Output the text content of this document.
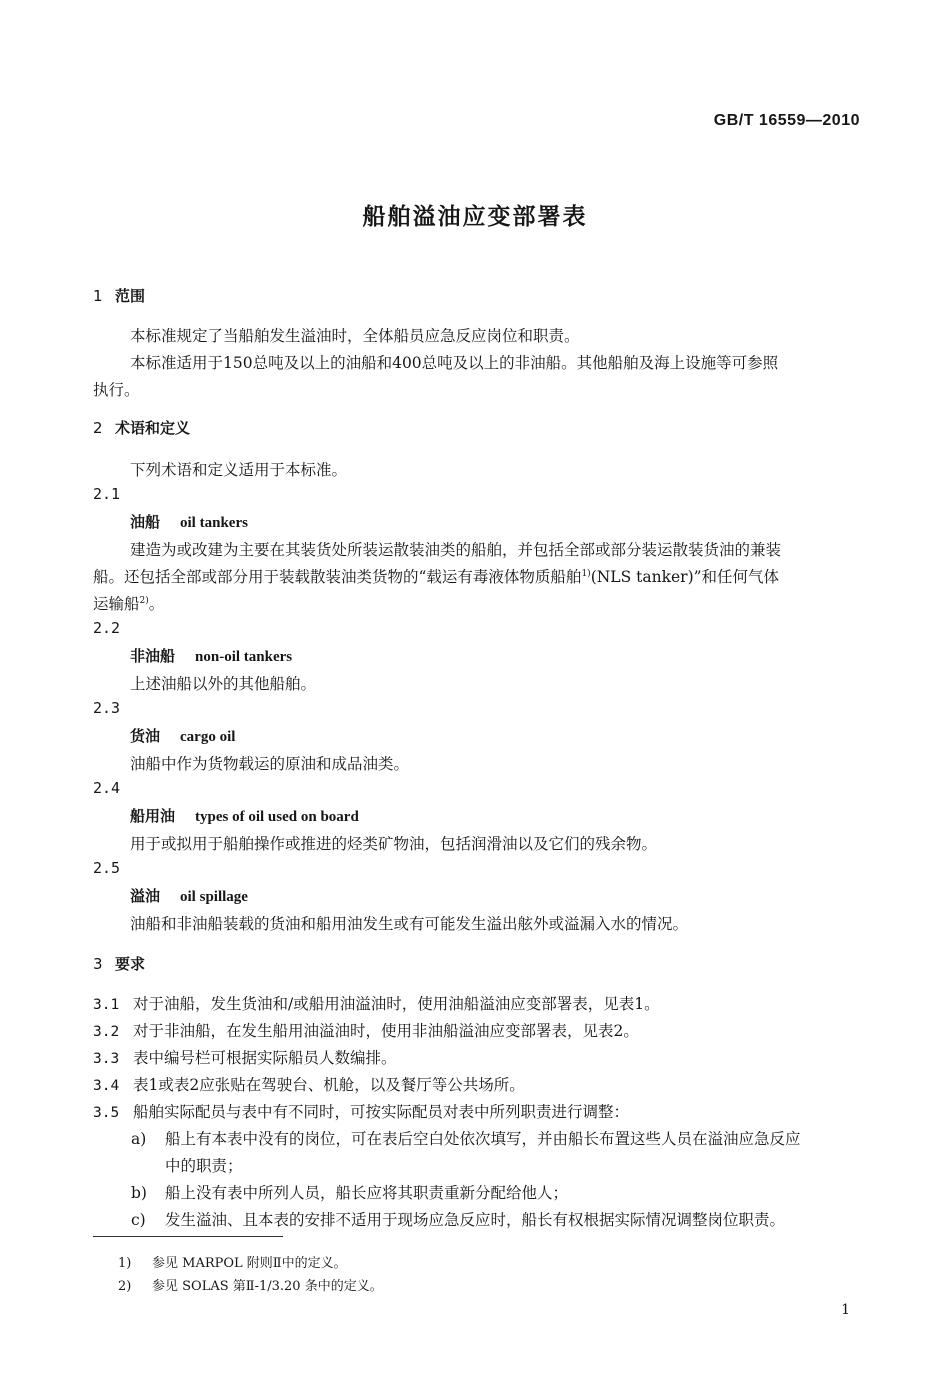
GB/T 16559—2010
船舶溢油应变部署表
1 范围
本标准规定了当船舶发生溢油时，全体船员应急反应岗位和职责。
本标准适用于150总吨及以上的油船和400总吨及以上的非油船。其他船舶及海上设施等可参照
执行。
2 术语和定义
下列术语和定义适用于本标准。
2.1
油船 oil tankers
建造为或改建为主要在其装货处所装运散装油类的船舶，并包括全部或部分装运散装货油的兼装
船。还包括全部或部分用于装载散装油类货物的“载运有毒液体物质船舶$^{1)}$(NLS tanker)”和任何气体
运输船$^{2)}$。
2.2
非油船 non-oil tankers
上述油船以外的其他船舶。
2.3
货油 cargo oil
油船中作为货物载运的原油和成品油类。
2.4
船用油 types of oil used on board
用于或拟用于船舶操作或推进的烃类矿物油，包括润滑油以及它们的残余物。
2.5
溢油 oil spillage
油船和非油船装载的货油和船用油发生或有可能发生溢出舷外或溢漏入水的情况。
3 要求
3.1 对于油船，发生货油和/或船用油溢油时，使用油船溢油应变部署表，见表1。
3.2 对于非油船，在发生船用油溢油时，使用非油船溢油应变部署表，见表2。
3.3 表中编号栏可根据实际船员人数编排。
3.4 表1或表2应张贴在驾驶台、机舱，以及餐厅等公共场所。
3.5 船舶实际配员与表中有不同时，可按实际配员对表中所列职责进行调整：
a) 船上有本表中没有的岗位，可在表后空白处依次填写，并由船长布置这些人员在溢油应急反应
中的职责；
b) 船上没有表中所列人员，船长应将其职责重新分配给他人；
c) 发生溢油、且本表的安排不适用于现场应急反应时，船长有权根据实际情况调整岗位职责。
1) 参见 MARPOL 附则Ⅱ中的定义。
2) 参见 SOLAS 第Ⅱ-1/3.20 条中的定义。
1
